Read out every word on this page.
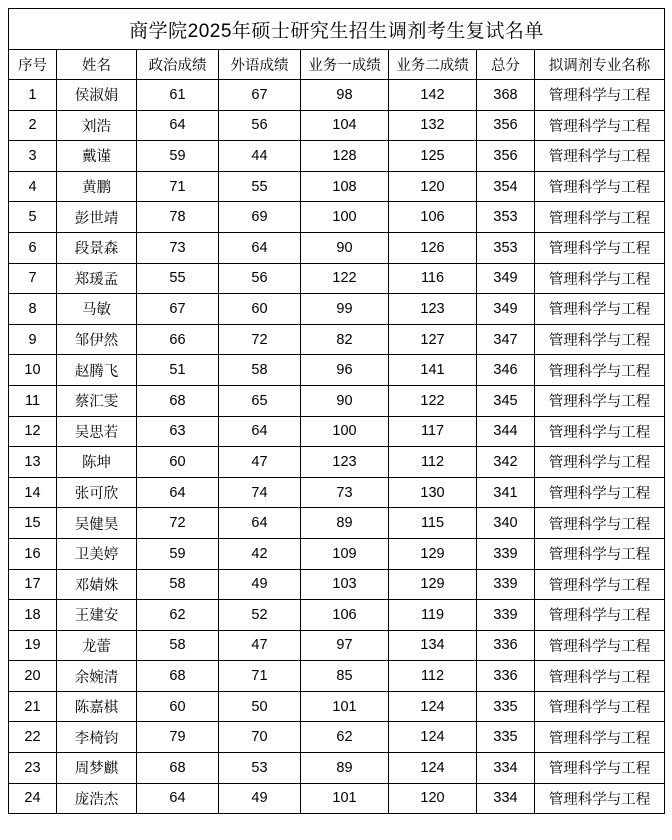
商学院2025年硕士研究生招生调剂考生复试名单							
序号	姓名	政治成绩	外语成绩	业务一成绩	业务二成绩	总分	拟调剂专业名称
1	侯淑娟	61	67	98	142	368	管理科学与工程
2	刘浩	64	56	104	132	356	管理科学与工程
3	戴谨	59	44	128	125	356	管理科学与工程
4	黄鹏	71	55	108	120	354	管理科学与工程
5	彭世靖	78	69	100	106	353	管理科学与工程
6	段景森	73	64	90	126	353	管理科学与工程
7	郑瑗孟	55	56	122	116	349	管理科学与工程
8	马敏	67	60	99	123	349	管理科学与工程
9	邹伊然	66	72	82	127	347	管理科学与工程
10	赵腾飞	51	58	96	141	346	管理科学与工程
11	蔡汇雯	68	65	90	122	345	管理科学与工程
12	吴思若	63	64	100	117	344	管理科学与工程
13	陈坤	60	47	123	112	342	管理科学与工程
14	张可欣	64	74	73	130	341	管理科学与工程
15	吴健昊	72	64	89	115	340	管理科学与工程
16	卫美婷	59	42	109	129	339	管理科学与工程
17	邓婧姝	58	49	103	129	339	管理科学与工程
18	王建安	62	52	106	119	339	管理科学与工程
19	龙蕾	58	47	97	134	336	管理科学与工程
20	余婉清	68	71	85	112	336	管理科学与工程
21	陈嘉棋	60	50	101	124	335	管理科学与工程
22	李椅钧	79	70	62	124	335	管理科学与工程
23	周梦麒	68	53	89	124	334	管理科学与工程
24	庞浩杰	64	49	101	120	334	管理科学与工程
